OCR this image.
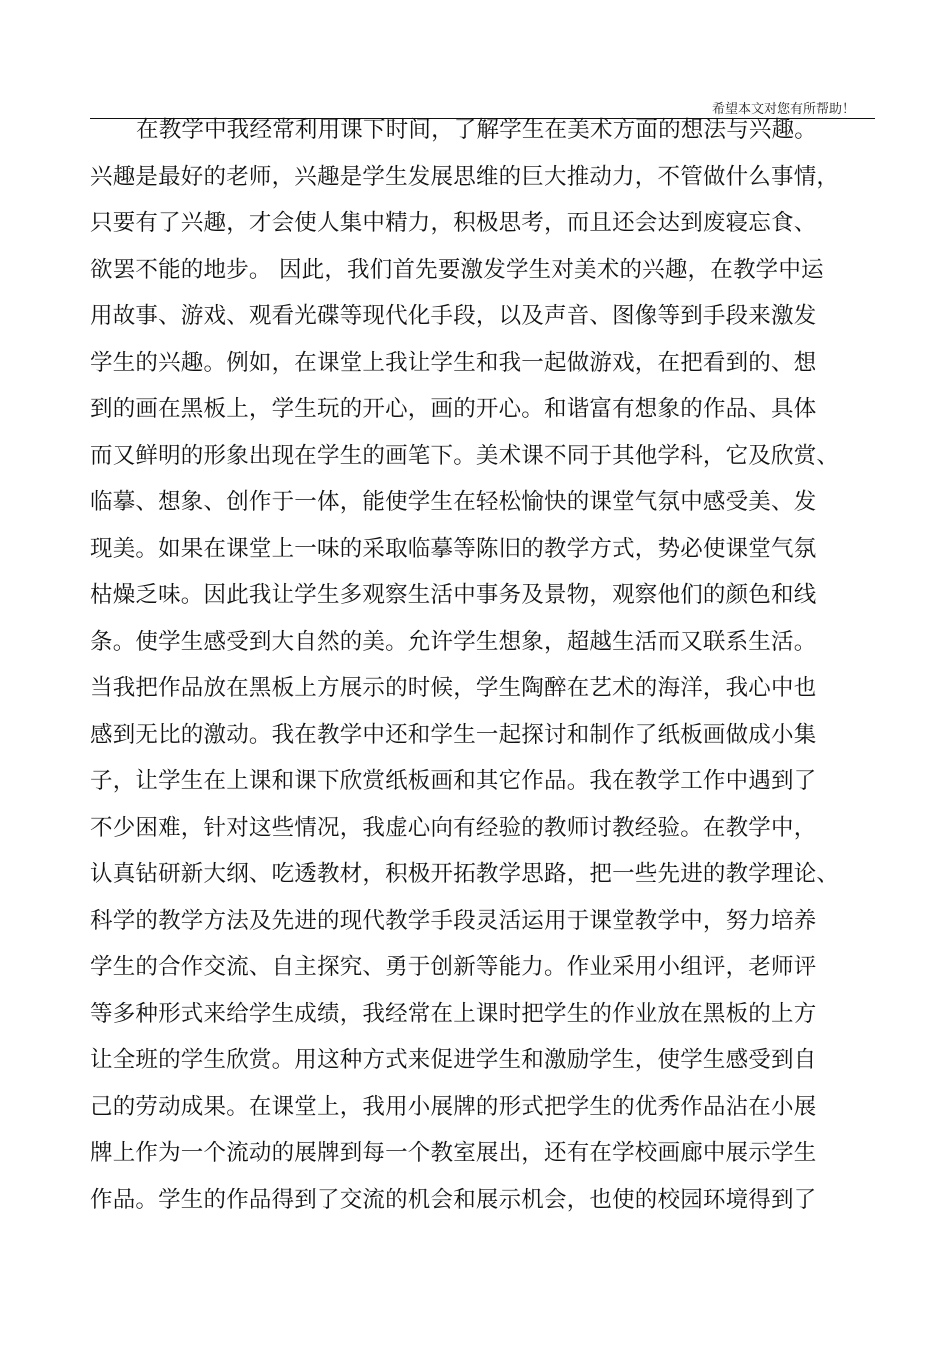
希望本文对您有所帮助！
在教学中我经常利用课下时间，了解学生在美术方面的想法与兴趣。
兴趣是最好的老师，兴趣是学生发展思维的巨大推动力，不管做什么事情，
只要有了兴趣，才会使人集中精力，积极思考，而且还会达到废寝忘食、
欲罢不能的地步。 因此，我们首先要激发学生对美术的兴趣，在教学中运
用故事、游戏、观看光碟等现代化手段，以及声音、图像等到手段来激发
学生的兴趣。例如，在课堂上我让学生和我一起做游戏，在把看到的、想
到的画在黑板上，学生玩的开心，画的开心。和谐富有想象的作品、具体
而又鲜明的形象出现在学生的画笔下。美术课不同于其他学科，它及欣赏、
临摹、想象、创作于一体，能使学生在轻松愉快的课堂气氛中感受美、发
现美。如果在课堂上一味的采取临摹等陈旧的教学方式，势必使课堂气氛
枯燥乏味。因此我让学生多观察生活中事务及景物，观察他们的颜色和线
条。使学生感受到大自然的美。允许学生想象，超越生活而又联系生活。
当我把作品放在黑板上方展示的时候，学生陶醉在艺术的海洋，我心中也
感到无比的激动。我在教学中还和学生一起探讨和制作了纸板画做成小集
子，让学生在上课和课下欣赏纸板画和其它作品。我在教学工作中遇到了
不少困难，针对这些情况，我虚心向有经验的教师讨教经验。在教学中，
认真钻研新大纲、吃透教材，积极开拓教学思路，把一些先进的教学理论、
科学的教学方法及先进的现代教学手段灵活运用于课堂教学中，努力培养
学生的合作交流、自主探究、勇于创新等能力。作业采用小组评，老师评
等多种形式来给学生成绩，我经常在上课时把学生的作业放在黑板的上方
让全班的学生欣赏。用这种方式来促进学生和激励学生，使学生感受到自
己的劳动成果。在课堂上，我用小展牌的形式把学生的优秀作品沾在小展
牌上作为一个流动的展牌到每一个教室展出，还有在学校画廊中展示学生
作品。学生的作品得到了交流的机会和展示机会，也使的校园环境得到了
